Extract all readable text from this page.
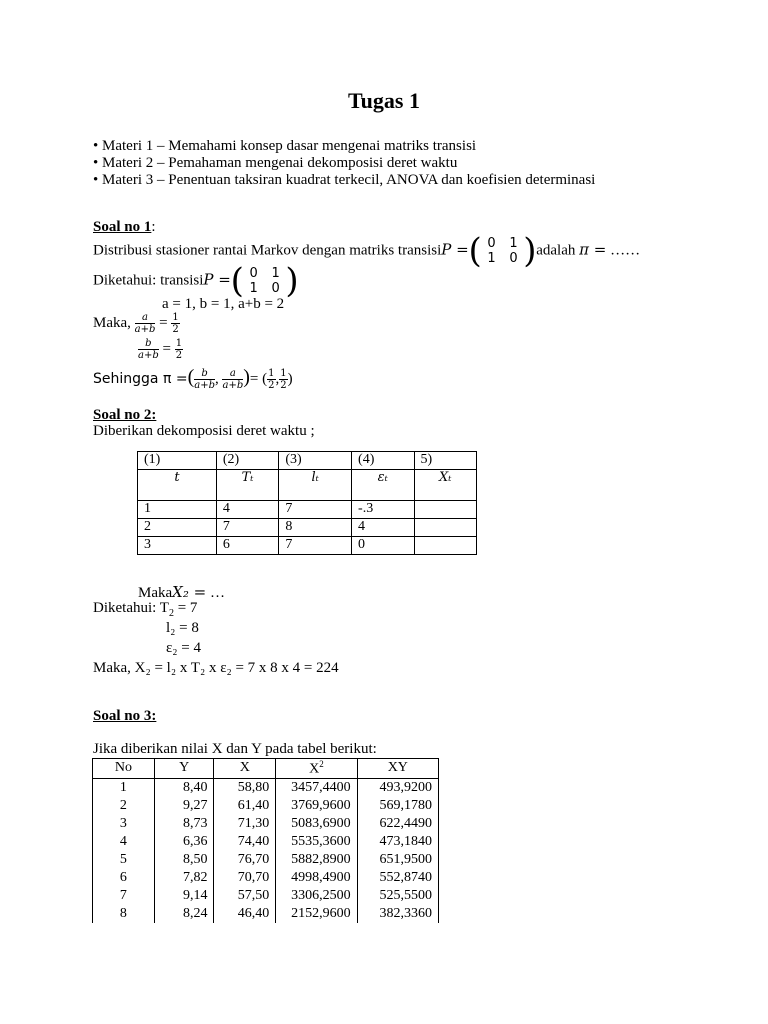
Tugas 1
• Materi 1 – Memahami konsep dasar mengenai matriks transisi
• Materi 2 – Pemahaman mengenai dekomposisi deret waktu
• Materi 3 – Penentuan taksiran kuadrat terkecil, ANOVA dan koefisien determinasi
Soal no 1:
Distribusi stasioner rantai Markov dengan matriks transisiP = ( 0 1
1 0 ) adalah π = ……
Diketahui: transisiP = ( 0 1
1 0 )
a = 1, b = 1, a+b = 2
Maka, $\frac{a}{a+b} = \frac{1}{2}$
$\frac{b}{a+b} = \frac{1}{2}$
Sehingga π =( $\frac{b}{a+b}$ , $\frac{a}{a+b}$ )= ( $\frac{1}{2}$ , $\frac{1}{2}$ )
Soal no 2:
Diberikan dekomposisi deret waktu ;
(1)	(2)	(3)	(4)	5)
t	Tₜ	lₜ	εₜ	Xₜ
1	4	7	-.3	
2	7	8	4	
3	6	7	0	
MakaX₂ = …
Diketahui: $T_2 = 7$
l₂ = 8
ε₂ = 4
Maka, X₂ = l₂ x T₂ x ε₂ = 7 x 8 x 4 = 224
Soal no 3:
Jika diberikan nilai X dan Y pada tabel berikut:
No	Y	X	$X^2$	XY
1	8,40	58,80	3457,4400	493,9200
2	9,27	61,40	3769,9600	569,1780
3	8,73	71,30	5083,6900	622,4490
4	6,36	74,40	5535,3600	473,1840
5	8,50	76,70	5882,8900	651,9500
6	7,82	70,70	4998,4900	552,8740
7	9,14	57,50	3306,2500	525,5500
8	8,24	46,40	2152,9600	382,3360
